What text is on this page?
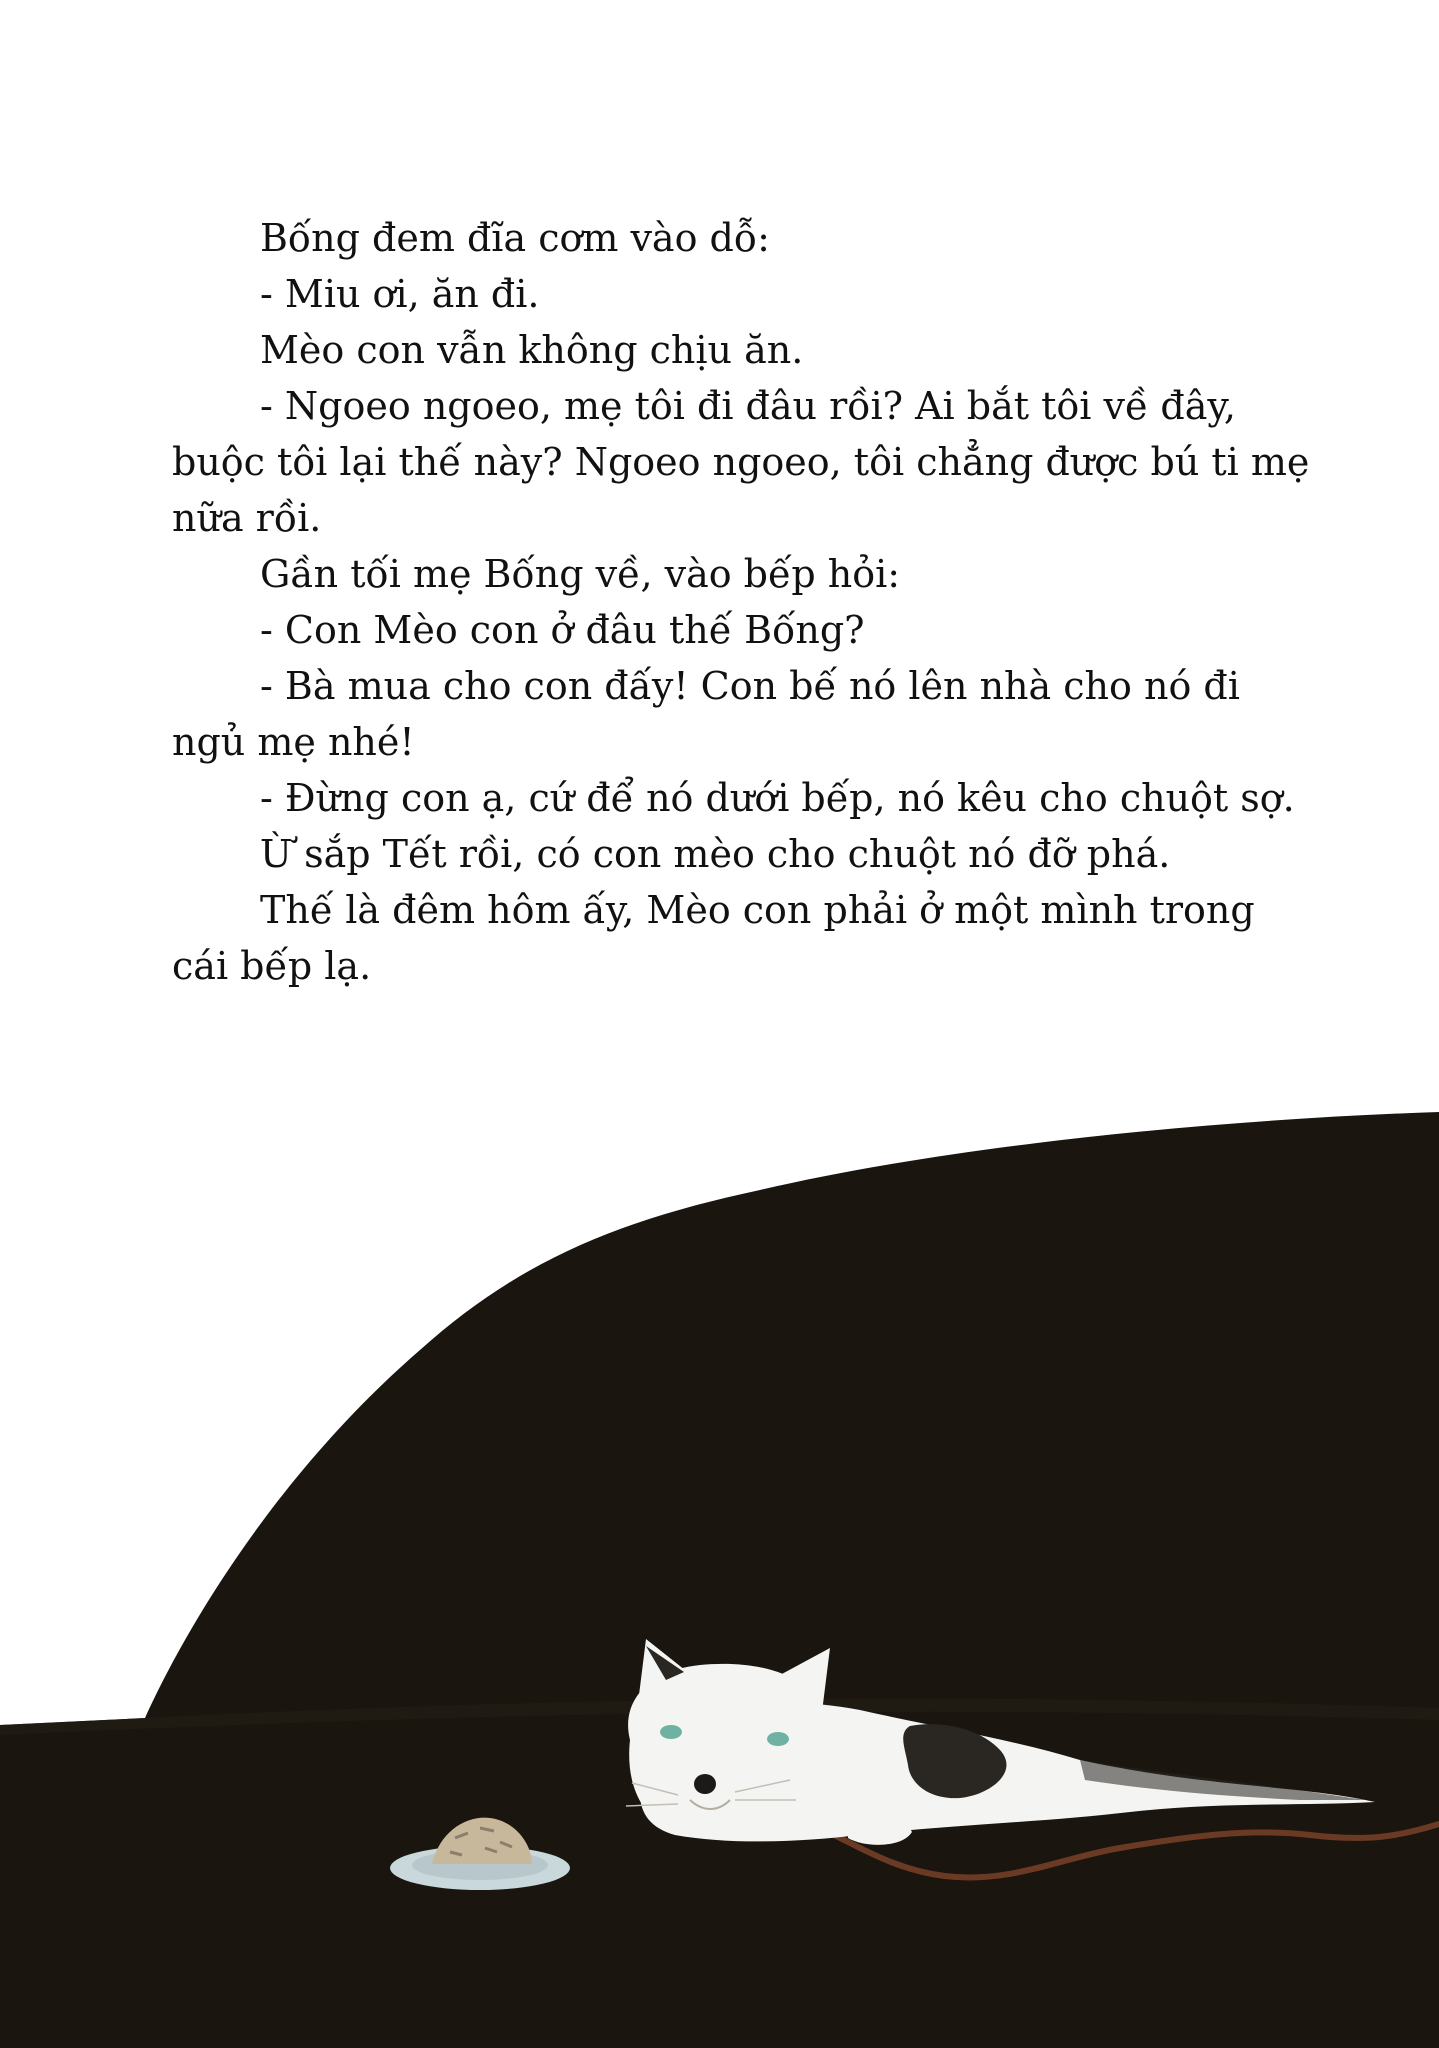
Bống đem đĩa cơm vào dỗ:

- Miu ơi, ăn đi.

Mèo con vẫn không chịu ăn.

- Ngoeo ngoeo, mẹ tôi đi đâu rồi? Ai bắt tôi về đây,

buộc tôi lại thế này? Ngoeo ngoeo, tôi chẳng được bú ti mẹ

nữa rồi.

Gần tối mẹ Bống về, vào bếp hỏi:

- Con Mèo con ở đâu thế Bống?

- Bà mua cho con đấy! Con bế nó lên nhà cho nó đi

ngủ mẹ nhé!

- Đừng con ạ, cứ để nó dưới bếp, nó kêu cho chuột sợ.

Ừ sắp Tết rồi, có con mèo cho chuột nó đỡ phá.

Thế là đêm hôm ấy, Mèo con phải ở một mình trong

cái bếp lạ.
